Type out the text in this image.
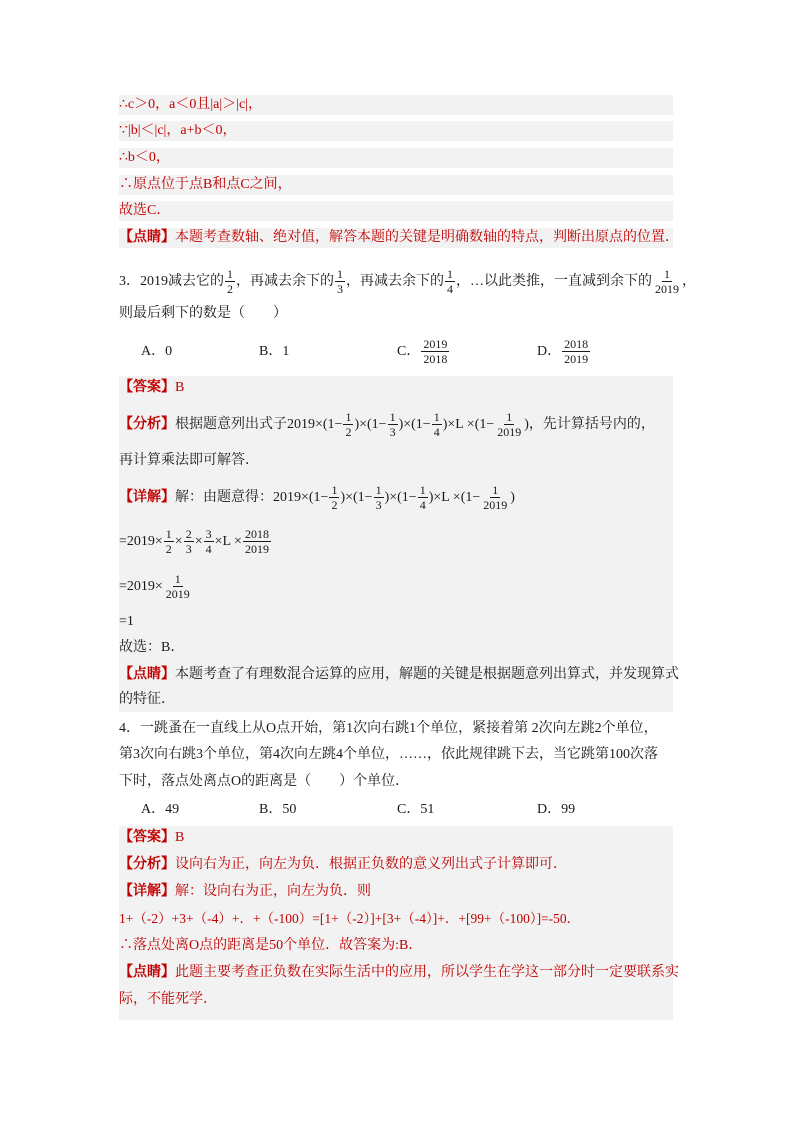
∴c＞0，a＜0且|a|＞|c|，
∵|b|＜|c|，a+b＜0，
∴b＜0，
∴原点位于点B和点C之间，
故选C．
【点睛】本题考查数轴、绝对值，解答本题的关键是明确数轴的特点，判断出原点的位置．
3．2019减去它的 $\frac{1}{2}$ ，再减去余下的 $\frac{1}{3}$ ，再减去余下的 $\frac{1}{4}$ ，…以此类推，一直减到余下的 $\frac{1}{2019}$ ，
则最后剩下的数是（　　）
A．0	B．1	C． $\frac{2019}{2018}$	D． $\frac{2018}{2019}$
【答案】B
【分析】根据题意列出式子$2019\times(1- \frac{1}{2} )\times(1- \frac{1}{3} )\times(1- \frac{1}{4} )\times L \times(1- \frac{1}{2019}$ )，先计算括号内的，
再计算乘法即可解答．
【详解】解：由题意得：$2019\times(1- \frac{1}{2} )\times(1- \frac{1}{3} )\times(1- \frac{1}{4} )\times L \times(1- \frac{1}{2019}$ )
$=2019\times \frac{1}{2} \times \frac{2}{3} \times \frac{3}{4} \times L \times \frac{2018}{2019}$
$=2019\times \frac{1}{2019}$
=1
故选：B．
【点睛】本题考查了有理数混合运算的应用，解题的关键是根据题意列出算式，并发现算式
的特征．
4．一跳蚤在一直线上从O点开始，第1次向右跳1个单位，紧接着第 2次向左跳2个单位，
第3次向右跳3个单位，第4次向左跳4个单位，……，依此规律跳下去，当它跳第100次落
下时，落点处离点O的距离是（　　）个单位．
A．49	B．50	C．51	D．99
【答案】B
【分析】设向右为正，向左为负．根据正负数的意义列出式子计算即可．
【详解】解：设向右为正，向左为负．则
1+（-2）+3+（-4）+．+（-100）=[1+（-2）]+[3+（-4）]+．+[99+（-100）]=-50．
∴落点处离O点的距离是50个单位．故答案为:B．
【点睛】此题主要考查正负数在实际生活中的应用，所以学生在学这一部分时一定要联系实
际，不能死学．
